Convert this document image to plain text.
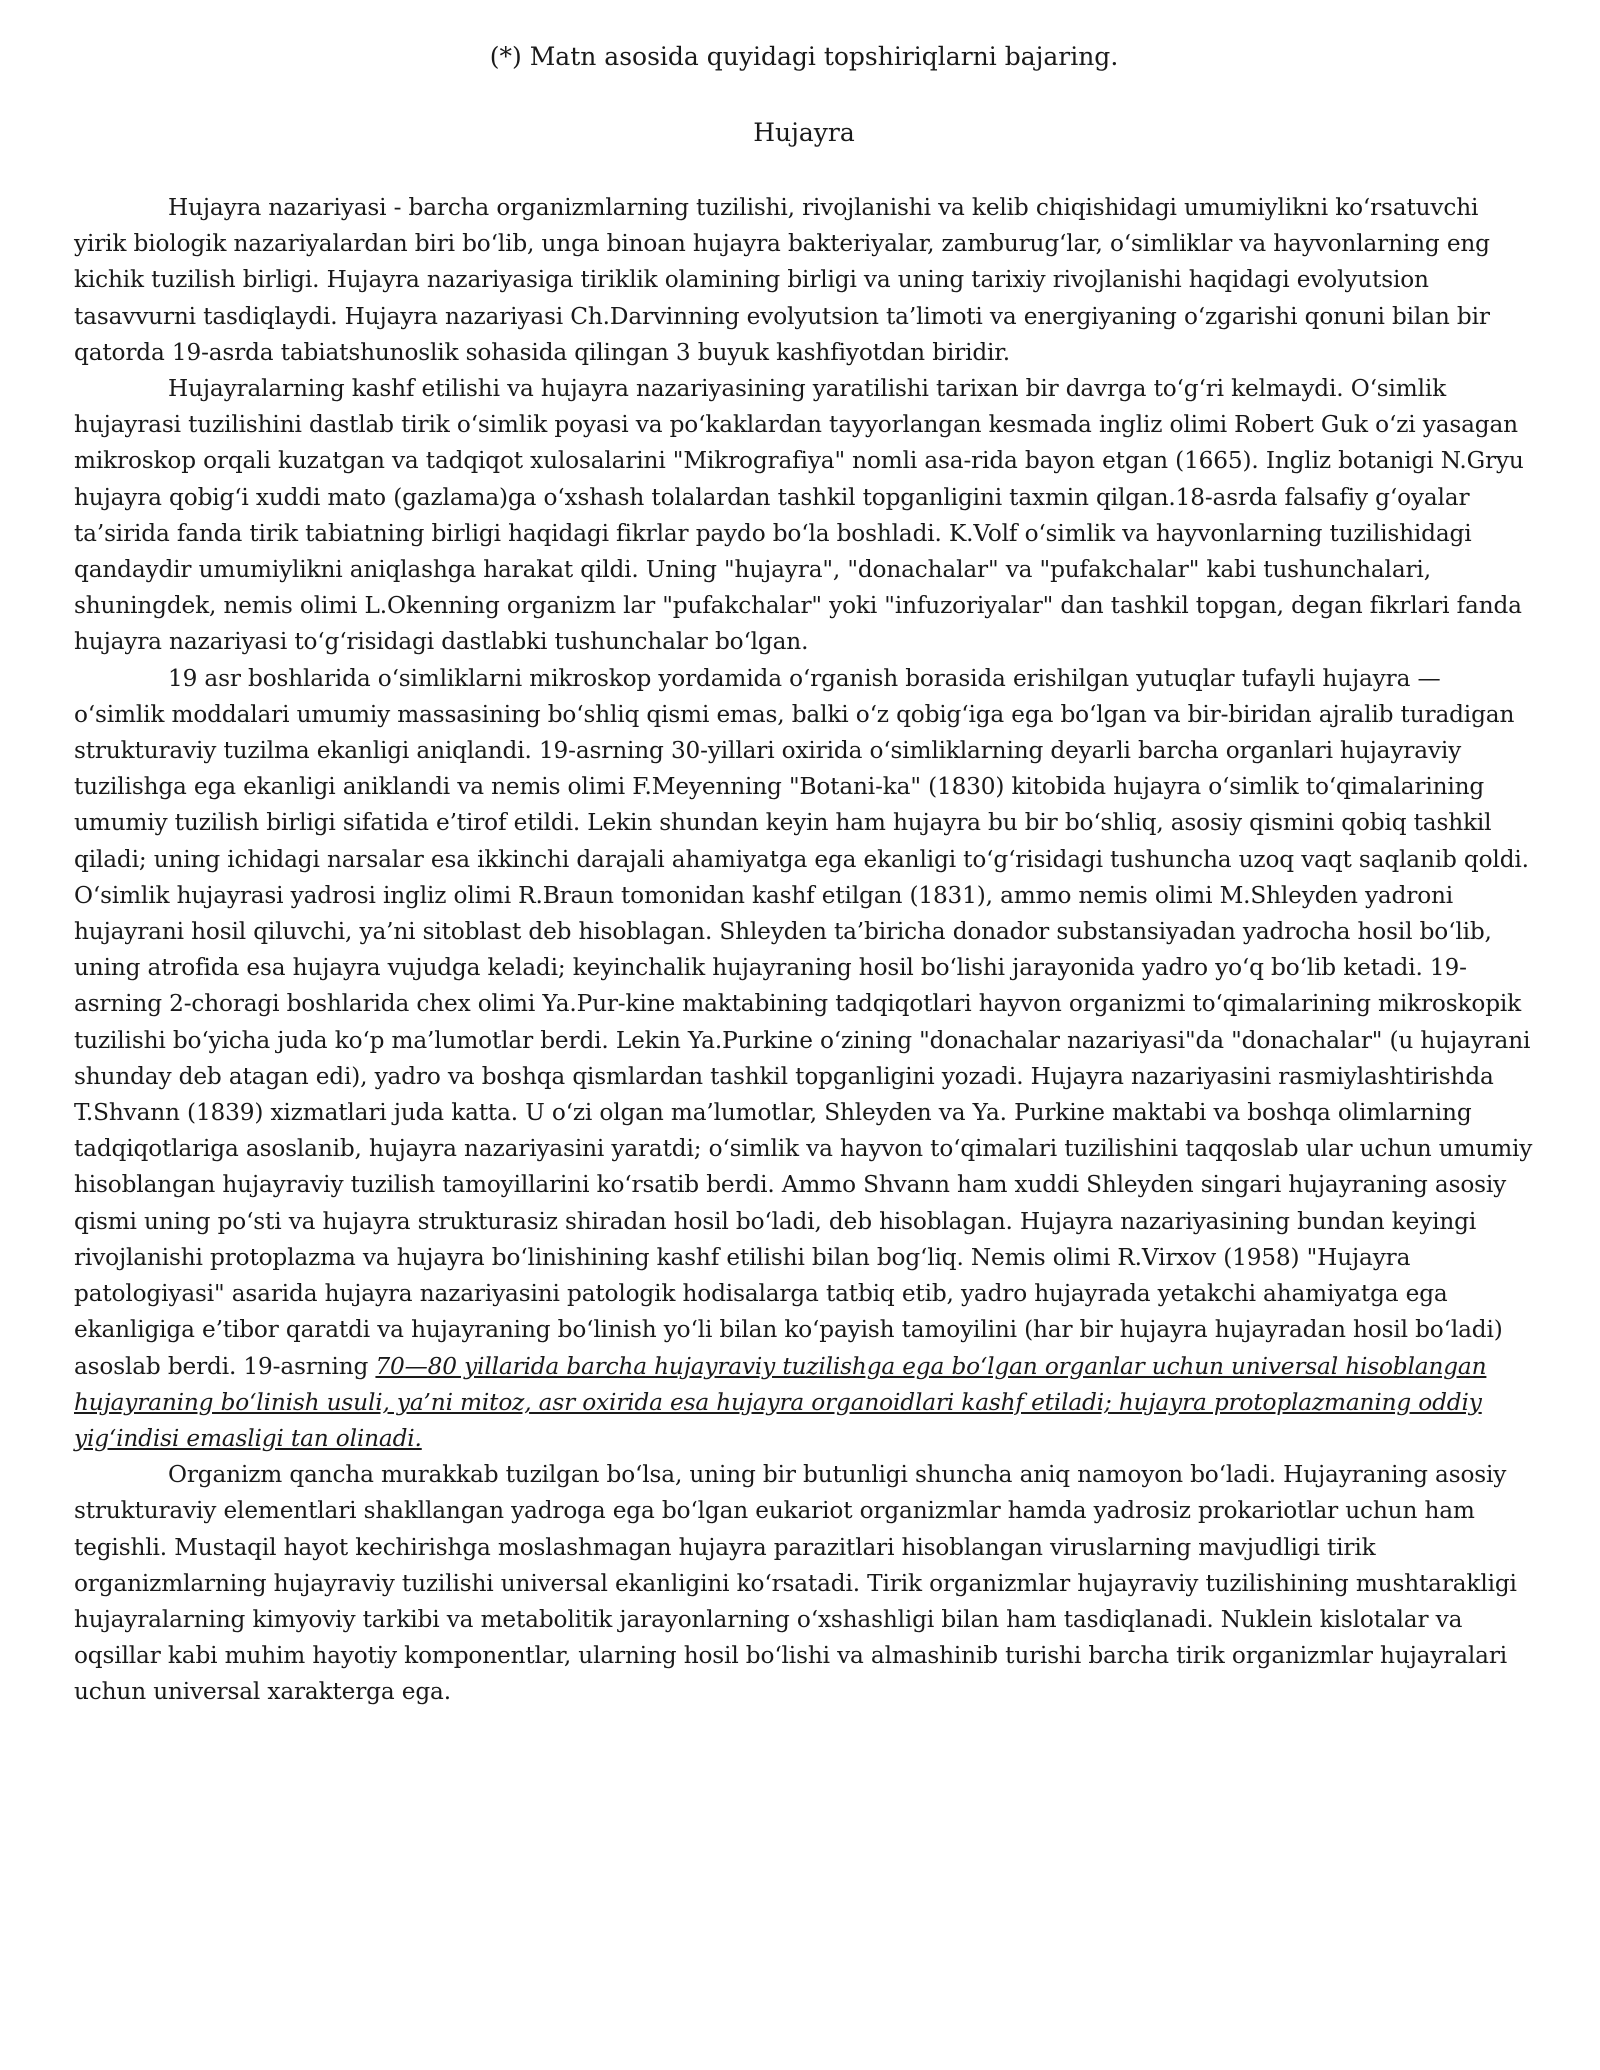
(*) Matn asosida quyidagi topshiriqlarni bajaring.

Hujayra

Hujayra nazariyasi - barcha organizmlarning tuzilishi, rivojlanishi va kelib chiqishidagi umumiylikni ko‘rsatuvchi yirik biologik nazariyalardan biri bo‘lib, unga binoan hujayra bakteriyalar, zamburug‘lar, o‘simliklar va hayvonlarning eng kichik tuzilish birligi. Hujayra nazariyasiga tiriklik olamining birligi va uning tarixiy rivojlanishi haqidagi evolyutsion tasavvurni tasdiqlaydi. Hujayra nazariyasi Ch.Darvinning evolyutsion ta’limoti va energiyaning o‘zgarishi qonuni bilan bir qatorda 19-asrda tabiatshunoslik sohasida qilingan 3 buyuk kashfiyotdan biridir.

Hujayralarning kashf etilishi va hujayra nazariyasining yaratilishi tarixan bir davrga to‘g‘ri kelmaydi. O‘simlik hujayrasi tuzilishini dastlab tirik o‘simlik poyasi va po‘kaklardan tayyorlangan kesmada ingliz olimi Robert Guk o‘zi yasagan mikroskop orqali kuzatgan va tadqiqot xulosalarini "Mikrografiya" nomli asa-rida bayon etgan (1665). Ingliz botanigi N.Gryu hujayra qobig‘i xuddi mato (gazlama)ga o‘xshash tolalardan tashkil topganligini taxmin qilgan.18-asrda falsafiy g‘oyalar ta’sirida fanda tirik tabiatning birligi haqidagi fikrlar paydo bo‘la boshladi. K.Volf o‘simlik va hayvonlarning tuzilishidagi qandaydir umumiylikni aniqlashga harakat qildi. Uning "hujayra", "donachalar" va "pufakchalar" kabi tushunchalari, shuningdek, nemis olimi L.Okenning organizm lar "pufakchalar" yoki "infuzoriyalar" dan tashkil topgan, degan fikrlari fanda hujayra nazariyasi to‘g‘risidagi dastlabki tushunchalar bo‘lgan.

19 asr boshlarida o‘simliklarni mikroskop yordamida o‘rganish borasida erishilgan yutuqlar tufayli hujayra — o‘simlik moddalari umumiy massasining bo‘shliq qismi emas, balki o‘z qobig‘iga ega bo‘lgan va bir-biridan ajralib turadigan strukturaviy tuzilma ekanligi aniqlandi. 19-asrning 30-yillari oxirida o‘simliklarning deyarli barcha organlari hujayraviy tuzilishga ega ekanligi aniklandi va nemis olimi F.Meyenning "Botani-ka" (1830) kitobida hujayra o‘simlik to‘qimalarining umumiy tuzilish birligi sifatida e’tirof etildi. Lekin shundan keyin ham hujayra bu bir bo‘shliq, asosiy qismini qobiq tashkil qiladi; uning ichidagi narsalar esa ikkinchi darajali ahamiyatga ega ekanligi to‘g‘risidagi tushuncha uzoq vaqt saqlanib qoldi. O‘simlik hujayrasi yadrosi ingliz olimi R.Braun tomonidan kashf etilgan (1831), ammo nemis olimi M.Shleyden yadroni hujayrani hosil qiluvchi, ya’ni sitoblast deb hisoblagan. Shleyden ta’biricha donador substansiyadan yadrocha hosil bo‘lib, uning atrofida esa hujayra vujudga keladi; keyinchalik hujayraning hosil bo‘lishi jarayonida yadro yo‘q bo‘lib ketadi. 19-asrning 2-choragi boshlarida chex olimi Ya.Pur-kine maktabining tadqiqotlari hayvon organizmi to‘qimalarining mikroskopik tuzilishi bo‘yicha juda ko‘p ma’lumotlar berdi. Lekin Ya.Purkine o‘zining "donachalar nazariyasi"da "donachalar" (u hujayrani shunday deb atagan edi), yadro va boshqa qismlardan tashkil topganligini yozadi. Hujayra nazariyasini rasmiylashtirishda T.Shvann (1839) xizmatlari juda katta. U o‘zi olgan ma’lumotlar, Shleyden va Ya. Purkine maktabi va boshqa olimlarning tadqiqotlariga asoslanib, hujayra nazariyasini yaratdi; o‘simlik va hayvon to‘qimalari tuzilishini taqqoslab ular uchun umumiy hisoblangan hujayraviy tuzilish tamoyillarini ko‘rsatib berdi. Ammo Shvann ham xuddi Shleyden singari hujayraning asosiy qismi uning po‘sti va hujayra strukturasiz shiradan hosil bo‘ladi, deb hisoblagan. Hujayra nazariyasining bundan keyingi rivojlanishi protoplazma va hujayra bo‘linishining kashf etilishi bilan bog‘liq. Nemis olimi R.Virxov (1958) "Hujayra patologiyasi" asarida hujayra nazariyasini patologik hodisalarga tatbiq etib, yadro hujayrada yetakchi ahamiyatga ega ekanligiga e’tibor qaratdi va hujayraning bo‘linish yo‘li bilan ko‘payish tamoyilini (har bir hujayra hujayradan hosil bo‘ladi) asoslab berdi. 19-asrning 70—80 yillarida barcha hujayraviy tuzilishga ega bo‘lgan organlar uchun universal hisoblangan hujayraning bo‘linish usuli, ya’ni mitoz, asr oxirida esa hujayra organoidlari kashf etiladi; hujayra protoplazmaning oddiy yig‘indisi emasligi tan olinadi.

Organizm qancha murakkab tuzilgan bo‘lsa, uning bir butunligi shuncha aniq namoyon bo‘ladi. Hujayraning asosiy strukturaviy elementlari shakllangan yadroga ega bo‘lgan eukariot organizmlar hamda yadrosiz prokariotlar uchun ham tegishli. Mustaqil hayot kechirishga moslashmagan hujayra parazitlari hisoblangan viruslarning mavjudligi tirik organizmlarning hujayraviy tuzilishi universal ekanligini ko‘rsatadi. Tirik organizmlar hujayraviy tuzilishining mushtarakligi hujayralarning kimyoviy tarkibi va metabolitik jarayonlarning o‘xshashligi bilan ham tasdiqlanadi. Nuklein kislotalar va oqsillar kabi muhim hayotiy komponentlar, ularning hosil bo‘lishi va almashinib turishi barcha tirik organizmlar hujayralari uchun universal xarakterga ega.
